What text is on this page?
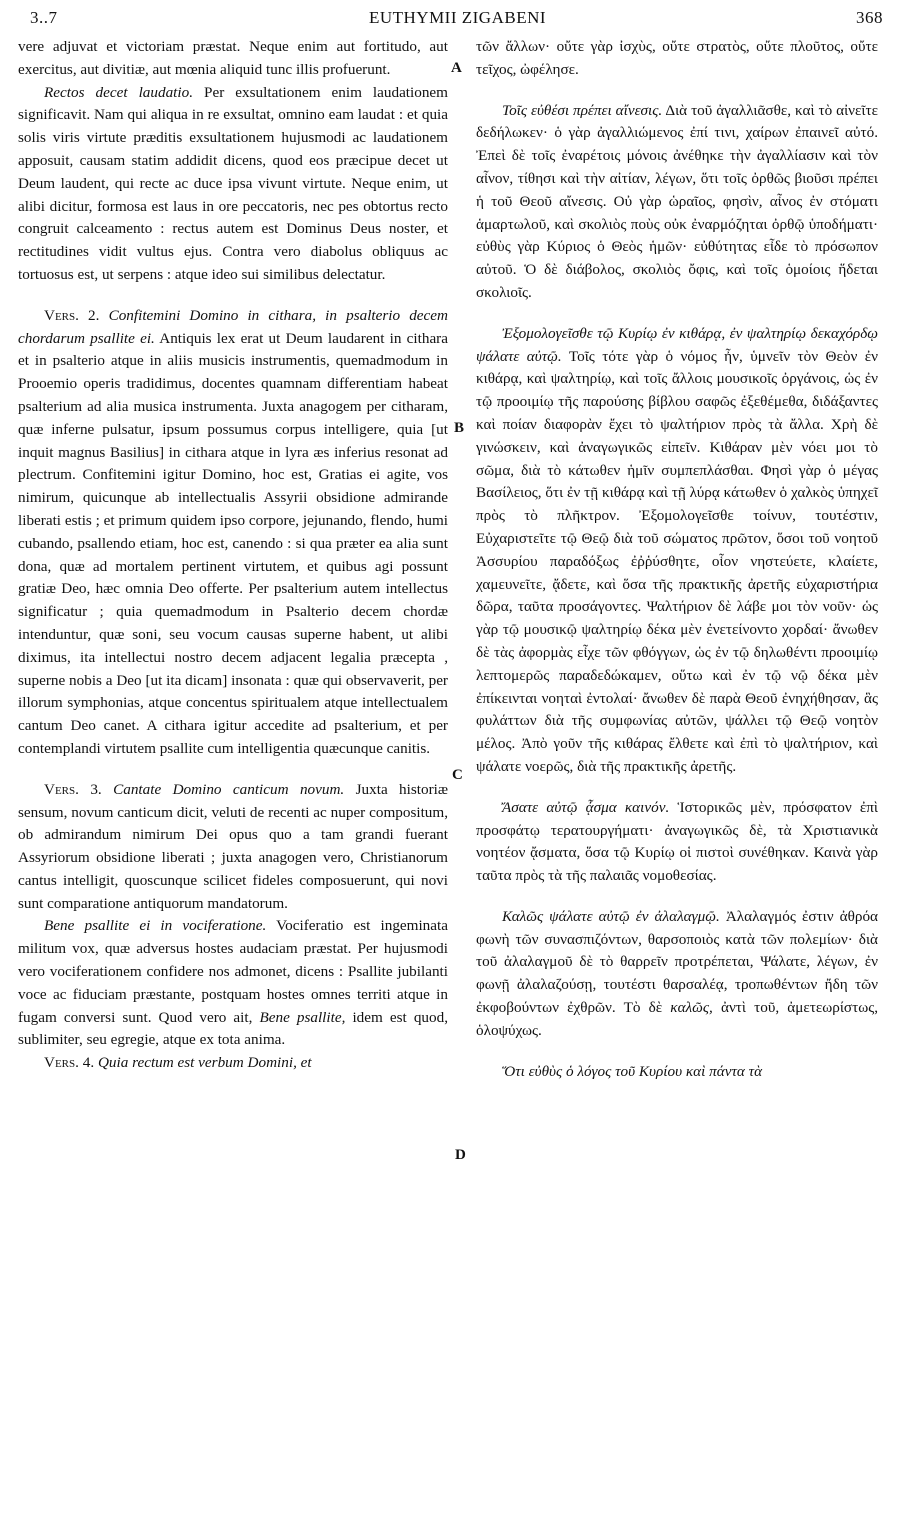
3..7	EUTHYMII ZIGABENI	368
A
B
C
D

vere adjuvat et victoriam præstat. Neque enim aut fortitudo, aut exercitus, aut divitiæ, aut mœnia aliquid tunc illis profuerunt.

Rectos decet laudatio. Per exsultationem enim laudationem significavit. Nam qui aliqua in re exsultat, omnino eam laudat : et quia solis viris virtute præditis exsultationem hujusmodi ac laudationem apposuit, causam statim addidit dicens, quod eos præcipue decet ut Deum laudent, qui recte ac duce ipsa vivunt virtute. Neque enim, ut alibi dicitur, formosa est laus in ore peccatoris, nec pes obtortus recto congruit calceamento : rectus autem est Dominus Deus noster, et rectitudines vidit vultus ejus. Contra vero diabolus obliquus ac tortuosus est, ut serpens : atque ideo sui similibus delectatur.

Vers. 2. Confitemini Domino in cithara, in psalterio decem chordarum psallite ei. Antiquis lex erat ut Deum laudarent in cithara et in psalterio atque in aliis musicis instrumentis, quemadmodum in Prooemio operis tradidimus, docentes quamnam differentiam habeat psalterium ad alia musica instrumenta. Juxta anagogem per citharam, quæ inferne pulsatur, ipsum possumus corpus intelligere, quia [ut inquit magnus Basilius] in cithara atque in lyra æs inferius resonat ad plectrum. Confitemini igitur Domino, hoc est, Gratias ei agite, vos nimirum, quicunque ab intellectualis Assyrii obsidione admirande liberati estis ; et primum quidem ipso corpore, jejunando, flendo, humi cubando, psallendo etiam, hoc est, canendo : si qua præter ea alia sunt dona, quæ ad mortalem pertinent virtutem, et quibus agi possunt gratiæ Deo, hæc omnia Deo offerte. Per psalterium autem intellectus significatur ; quia quemadmodum in Psalterio decem chordæ intenduntur, quæ soni, seu vocum causas superne habent, ut alibi diximus, ita intellectui nostro decem adjacent legalia præcepta , superne nobis a Deo [ut ita dicam] insonata : quæ qui observaverit, per illorum symphonias, atque concentus spiritualem atque intellectualem cantum Deo canet. A cithara igitur accedite ad psalterium, et per contemplandi virtutem psallite cum intelligentia quæcunque canitis.

Vers. 3. Cantate Domino canticum novum. Juxta historiæ sensum, novum canticum dicit, veluti de recenti ac nuper compositum, ob admirandum nimirum Dei opus quo a tam grandi fuerant Assyriorum obsidione liberati ; juxta anagogen vero, Christianorum cantus intelligit, quoscunque scilicet fideles composuerunt, qui novi sunt comparatione antiquorum mandatorum.

Bene psallite ei in vociferatione. Vociferatio est ingeminata militum vox, quæ adversus hostes audaciam præstat. Per hujusmodi vero vociferationem confidere nos admonet, dicens : Psallite jubilanti voce ac fiduciam præstante, postquam hostes omnes territi atque in fugam conversi sunt. Quod vero ait, Bene psallite, idem est quod, sublimiter, seu egregie, atque ex tota anima.

Vers. 4. Quia rectum est verbum Domini, et

τῶν ἄλλων· οὔτε γὰρ ἰσχὺς, οὔτε στρατὸς, οὔτε πλοῦτος, οὔτε τεῖχος, ὠφέλησε.

Τοῖς εὐθέσι πρέπει αἴνεσις. Διὰ τοῦ ἀγαλλιᾶσθε, καὶ τὸ αἰνεῖτε δεδήλωκεν· ὁ γὰρ ἀγαλλιώμενος ἐπί τινι, χαίρων ἐπαινεῖ αὐτό. Ἐπεὶ δὲ τοῖς ἐναρέτοις μόνοις ἀνέθηκε τὴν ἀγαλλίασιν καὶ τὸν αἶνον, τίθησι καὶ τὴν αἰτίαν, λέγων, ὅτι τοῖς ὀρθῶς βιοῦσι πρέπει ἡ τοῦ Θεοῦ αἴνεσις. Οὐ γὰρ ὡραῖος, φησὶν, αἶνος ἐν στόματι ἁμαρτωλοῦ, καὶ σκολιὸς ποὺς οὐκ ἐναρμόζηται ὀρθῷ ὑποδήματι· εὐθὺς γὰρ Κύριος ὁ Θεὸς ἡμῶν· εὐθύτητας εἶδε τὸ πρόσωπον αὐτοῦ. Ὁ δὲ διάβολος, σκολιὸς ὄφις, καὶ τοῖς ὁμοίοις ἥδεται σκολιοῖς.

Ἐξομολογεῖσθε τῷ Κυρίῳ ἐν κιθάρᾳ, ἐν ψαλτηρίῳ δεκαχόρδῳ ψάλατε αὐτῷ. Τοῖς τότε γὰρ ὁ νόμος ἦν, ὑμνεῖν τὸν Θεὸν ἐν κιθάρᾳ, καὶ ψαλτηρίῳ, καὶ τοῖς ἄλλοις μουσικοῖς ὀργάνοις, ὡς ἐν τῷ προοιμίῳ τῆς παρούσης βίβλου σαφῶς ἐξεθέμεθα, διδάξαντες καὶ ποίαν διαφορὰν ἔχει τὸ ψαλτήριον πρὸς τὰ ἄλλα. Χρὴ δὲ γινώσκειν, καὶ ἀναγωγικῶς εἰπεῖν. Κιθάραν μὲν νόει μοι τὸ σῶμα, διὰ τὸ κάτωθεν ἡμῖν συμπεπλάσθαι. Φησὶ γὰρ ὁ μέγας Βασίλειος, ὅτι ἐν τῇ κιθάρᾳ καὶ τῇ λύρᾳ κάτωθεν ὁ χαλκὸς ὑπηχεῖ πρὸς τὸ πλῆκτρον. Ἐξομολογεῖσθε τοίνυν, τουτέστιν, Εὐχαριστεῖτε τῷ Θεῷ διὰ τοῦ σώματος πρῶτον, ὅσοι τοῦ νοητοῦ Ἀσσυρίου παραδόξως ἐῤῥύσθητε, οἷον νηστεύετε, κλαίετε, χαμευνεῖτε, ᾄδετε, καὶ ὅσα τῆς πρακτικῆς ἀρετῆς εὐχαριστήρια δῶρα, ταῦτα προσάγοντες. Ψαλτήριον δὲ λάβε μοι τὸν νοῦν· ὡς γὰρ τῷ μουσικῷ ψαλτηρίῳ δέκα μὲν ἐνετείνοντο χορδαί· ἄνωθεν δὲ τὰς ἀφορμὰς εἶχε τῶν φθόγγων, ὡς ἐν τῷ δηλωθέντι προοιμίῳ λεπτομερῶς παραδεδώκαμεν, οὕτω καὶ ἐν τῷ νῷ δέκα μὲν ἐπίκεινται νοηταὶ ἐντολαί· ἄνωθεν δὲ παρὰ Θεοῦ ἐνηχήθησαν, ἃς φυλάττων διὰ τῆς συμφωνίας αὐτῶν, ψάλλει τῷ Θεῷ νοητὸν μέλος. Ἀπὸ γοῦν τῆς κιθάρας ἔλθετε καὶ ἐπὶ τὸ ψαλτήριον, καὶ ψάλατε νοερῶς, διὰ τῆς πρακτικῆς ἀρετῆς.

Ἄσατε αὐτῷ ᾆσμα καινόν. Ἱστορικῶς μὲν, πρόσφατον ἐπὶ προσφάτῳ τερατουργήματι· ἀναγωγικῶς δὲ, τὰ Χριστιανικὰ νοητέον ᾄσματα, ὅσα τῷ Κυρίῳ οἱ πιστοὶ συνέθηκαν. Καινὰ γὰρ ταῦτα πρὸς τὰ τῆς παλαιᾶς νομοθεσίας.

Καλῶς ψάλατε αὐτῷ ἐν ἀλαλαγμῷ. Ἀλαλαγμός ἐστιν ἀθρόα φωνὴ τῶν συνασπιζόντων, θαρσοποιὸς κατὰ τῶν πολεμίων· διὰ τοῦ ἀλαλαγμοῦ δὲ τὸ θαρρεῖν προτρέπεται, Ψάλατε, λέγων, ἐν φωνῇ ἀλαλαζούσῃ, τουτέστι θαρσαλέᾳ, τροπωθέντων ἤδη τῶν ἐκφοβούντων ἐχθρῶν. Τὸ δὲ καλῶς, ἀντὶ τοῦ, ἀμετεωρίστως, ὁλοψύχως.

Ὅτι εὐθὺς ὁ λόγος τοῦ Κυρίου καὶ πάντα τὰ
